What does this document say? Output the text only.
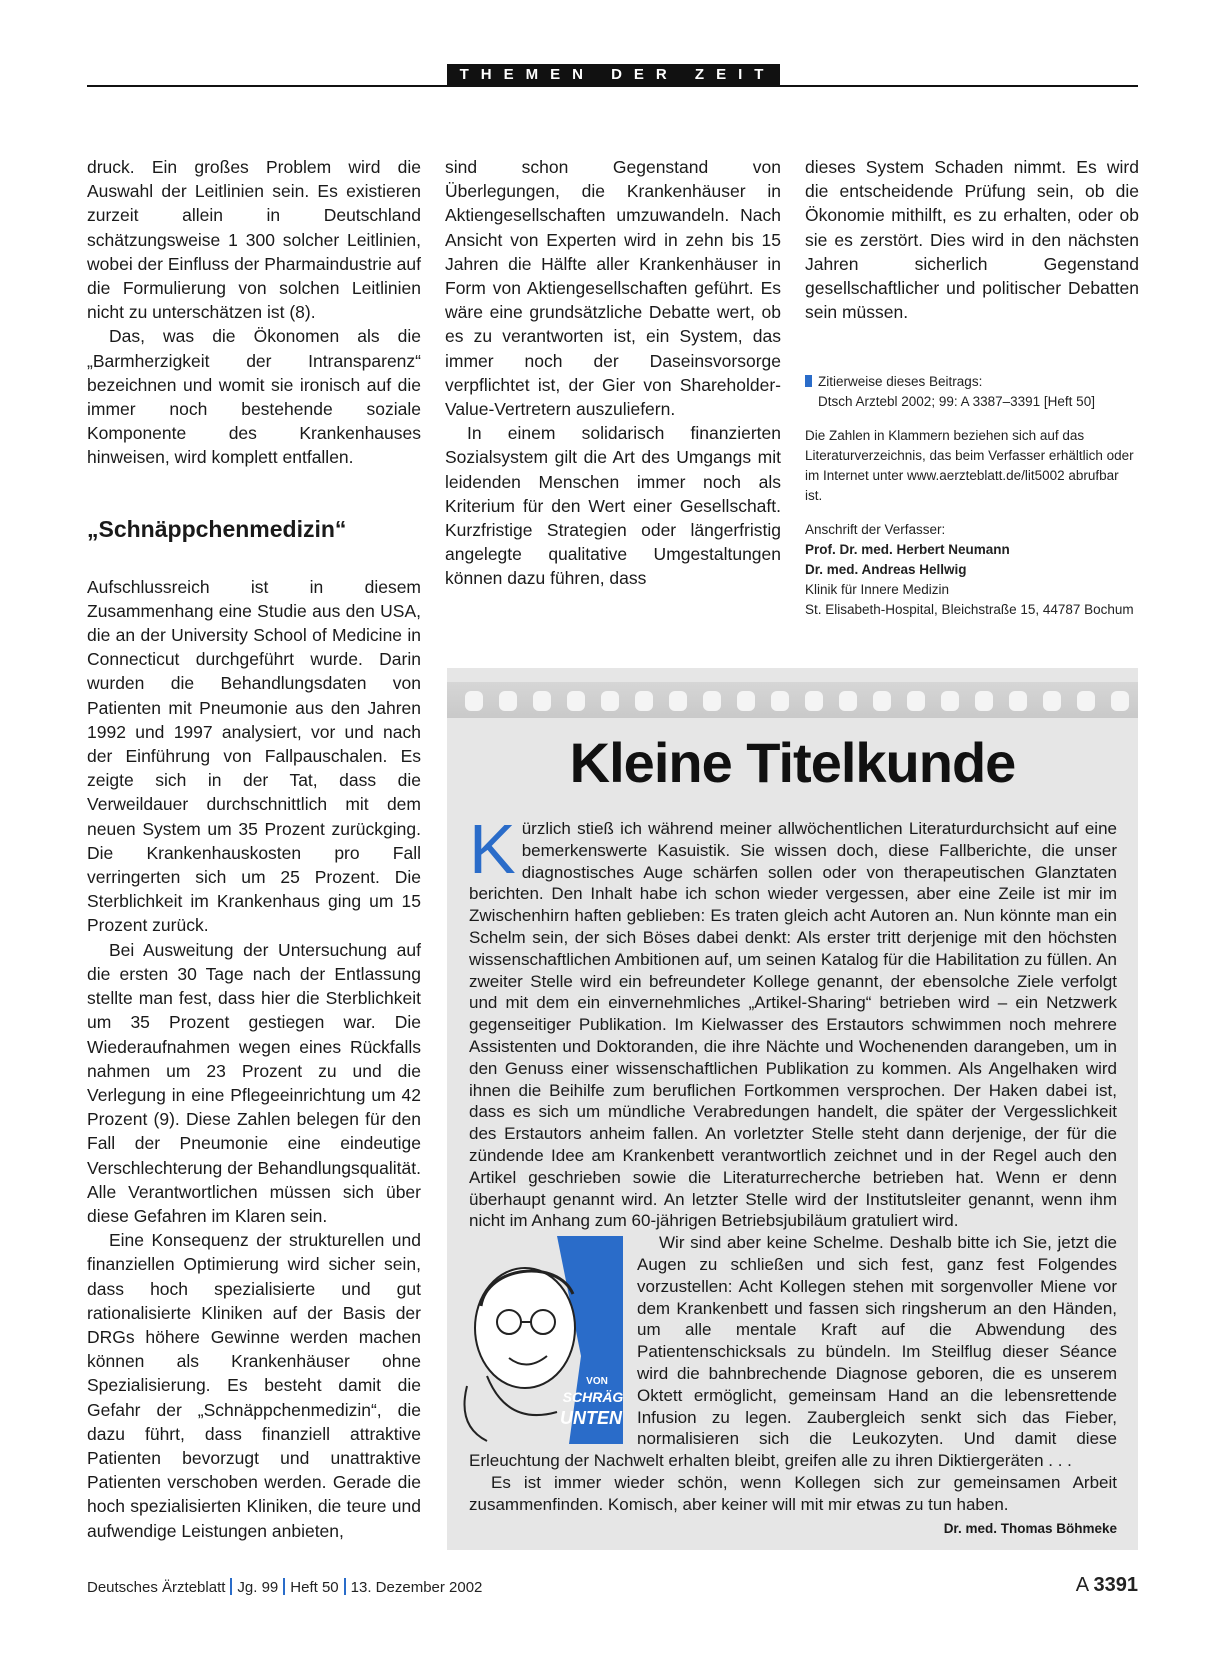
THEMEN DER ZEIT

druck. Ein großes Problem wird die Auswahl der Leitlinien sein. Es existieren zurzeit allein in Deutschland schätzungsweise 1 300 solcher Leitlinien, wobei der Einfluss der Pharmaindustrie auf die Formulierung von solchen Leitlinien nicht zu unterschätzen ist (8).

Das, was die Ökonomen als die „Barmherzigkeit der Intransparenz“ bezeichnen und womit sie ironisch auf die immer noch bestehende soziale Komponente des Krankenhauses hinweisen, wird komplett entfallen.

„Schnäppchenmedizin“

Aufschlussreich ist in diesem Zusammenhang eine Studie aus den USA, die an der University School of Medicine in Connecticut durchgeführt wurde. Darin wurden die Behandlungsdaten von Patienten mit Pneumonie aus den Jahren 1992 und 1997 analysiert, vor und nach der Einführung von Fallpauschalen. Es zeigte sich in der Tat, dass die Verweildauer durchschnittlich mit dem neuen System um 35 Prozent zurückging. Die Krankenhauskosten pro Fall verringerten sich um 25 Prozent. Die Sterblichkeit im Krankenhaus ging um 15 Prozent zurück.

Bei Ausweitung der Untersuchung auf die ersten 30 Tage nach der Entlassung stellte man fest, dass hier die Sterblichkeit um 35 Prozent gestiegen war. Die Wiederaufnahmen wegen eines Rückfalls nahmen um 23 Prozent zu und die Verlegung in eine Pflegeeinrichtung um 42 Prozent (9). Diese Zahlen belegen für den Fall der Pneumonie eine eindeutige Verschlechterung der Behandlungsqualität. Alle Verantwortlichen müssen sich über diese Gefahren im Klaren sein.

Eine Konsequenz der strukturellen und finanziellen Optimierung wird sicher sein, dass hoch spezialisierte und gut rationalisierte Kliniken auf der Basis der DRGs höhere Gewinne werden machen können als Krankenhäuser ohne Spezialisierung. Es besteht damit die Gefahr der „Schnäppchenmedizin“, die dazu führt, dass finanziell attraktive Patienten bevorzugt und unattraktive Patienten verschoben werden. Gerade die hoch spezialisierten Kliniken, die teure und aufwendige Leistungen anbieten,

sind schon Gegenstand von Überlegungen, die Krankenhäuser in Aktiengesellschaften umzuwandeln. Nach Ansicht von Experten wird in zehn bis 15 Jahren die Hälfte aller Krankenhäuser in Form von Aktiengesellschaften geführt. Es wäre eine grundsätzliche Debatte wert, ob es zu verantworten ist, ein System, das immer noch der Daseinsvorsorge verpflichtet ist, der Gier von Shareholder-Value-Vertretern auszuliefern.

In einem solidarisch finanzierten Sozialsystem gilt die Art des Umgangs mit leidenden Menschen immer noch als Kriterium für den Wert einer Gesellschaft. Kurzfristige Strategien oder längerfristig angelegte qualitative Umgestaltungen können dazu führen, dass

dieses System Schaden nimmt. Es wird die entscheidende Prüfung sein, ob die Ökonomie mithilft, es zu erhalten, oder ob sie es zerstört. Dies wird in den nächsten Jahren sicherlich Gegenstand gesellschaftlicher und politischer Debatten sein müssen.

Zitierweise dieses Beitrags:

Dtsch Arztebl 2002; 99: A 3387–3391 [Heft 50]

Die Zahlen in Klammern beziehen sich auf das Literaturverzeichnis, das beim Verfasser erhältlich oder im Internet unter www.aerzteblatt.de/lit5002 abrufbar ist.

Anschrift der Verfasser:

Prof. Dr. med. Herbert Neumann

Dr. med. Andreas Hellwig

Klinik für Innere Medizin

St. Elisabeth-Hospital, Bleichstraße 15, 44787 Bochum

Kleine Titelkunde

Kürzlich stieß ich während meiner allwöchentlichen Literaturdurchsicht auf eine bemerkenswerte Kasuistik. Sie wissen doch, diese Fallberichte, die unser diagnostisches Auge schärfen sollen oder von therapeutischen Glanztaten berichten. Den Inhalt habe ich schon wieder vergessen, aber eine Zeile ist mir im Zwischenhirn haften geblieben: Es traten gleich acht Autoren an. Nun könnte man ein Schelm sein, der sich Böses dabei denkt: Als erster tritt derjenige mit den höchsten wissenschaftlichen Ambitionen auf, um seinen Katalog für die Habilitation zu füllen. An zweiter Stelle wird ein befreundeter Kollege genannt, der ebensolche Ziele verfolgt und mit dem ein einvernehmliches „Artikel-Sharing“ betrieben wird – ein Netzwerk gegenseitiger Publikation. Im Kielwasser des Erstautors schwimmen noch mehrere Assistenten und Doktoranden, die ihre Nächte und Wochenenden darangeben, um in den Genuss einer wissenschaftlichen Publikation zu kommen. Als Angelhaken wird ihnen die Beihilfe zum beruflichen Fortkommen versprochen. Der Haken dabei ist, dass es sich um mündliche Verabredungen handelt, die später der Vergesslichkeit des Erstautors anheim fallen. An vorletzter Stelle steht dann derjenige, der für die zündende Idee am Krankenbett verantwortlich zeichnet und in der Regel auch den Artikel geschrieben sowie die Literaturrecherche betrieben hat. Wenn er denn überhaupt genannt wird. An letzter Stelle wird der Institutsleiter genannt, wenn ihm nicht im Anhang zum 60-jährigen Betriebsjubiläum gratuliert wird.

VON
SCHRÄG
UNTEN
Wir sind aber keine Schelme. Deshalb bitte ich Sie, jetzt die Augen zu schließen und sich fest, ganz fest Folgendes vorzustellen: Acht Kollegen stehen mit sorgenvoller Miene vor dem Krankenbett und fassen sich ringsherum an den Händen, um alle mentale Kraft auf die Abwendung des Patientenschicksals zu bündeln. Im Steilflug dieser Séance wird die bahnbrechende Diagnose geboren, die es unserem Oktett ermöglicht, gemeinsam Hand an die lebensrettende Infusion zu legen. Zaubergleich senkt sich das Fieber, normalisieren sich die Leukozyten. Und damit diese Erleuchtung der Nachwelt erhalten bleibt, greifen alle zu ihren Diktiergeräten . . .

Es ist immer wieder schön, wenn Kollegen sich zur gemeinsamen Arbeit zusammenfinden. Komisch, aber keiner will mit mir etwas zu tun haben.
Dr. med. Thomas Böhmeke

Deutsches Ärzteblatt Jg. 99 Heft 50 13. Dezember 2002	A 3391
